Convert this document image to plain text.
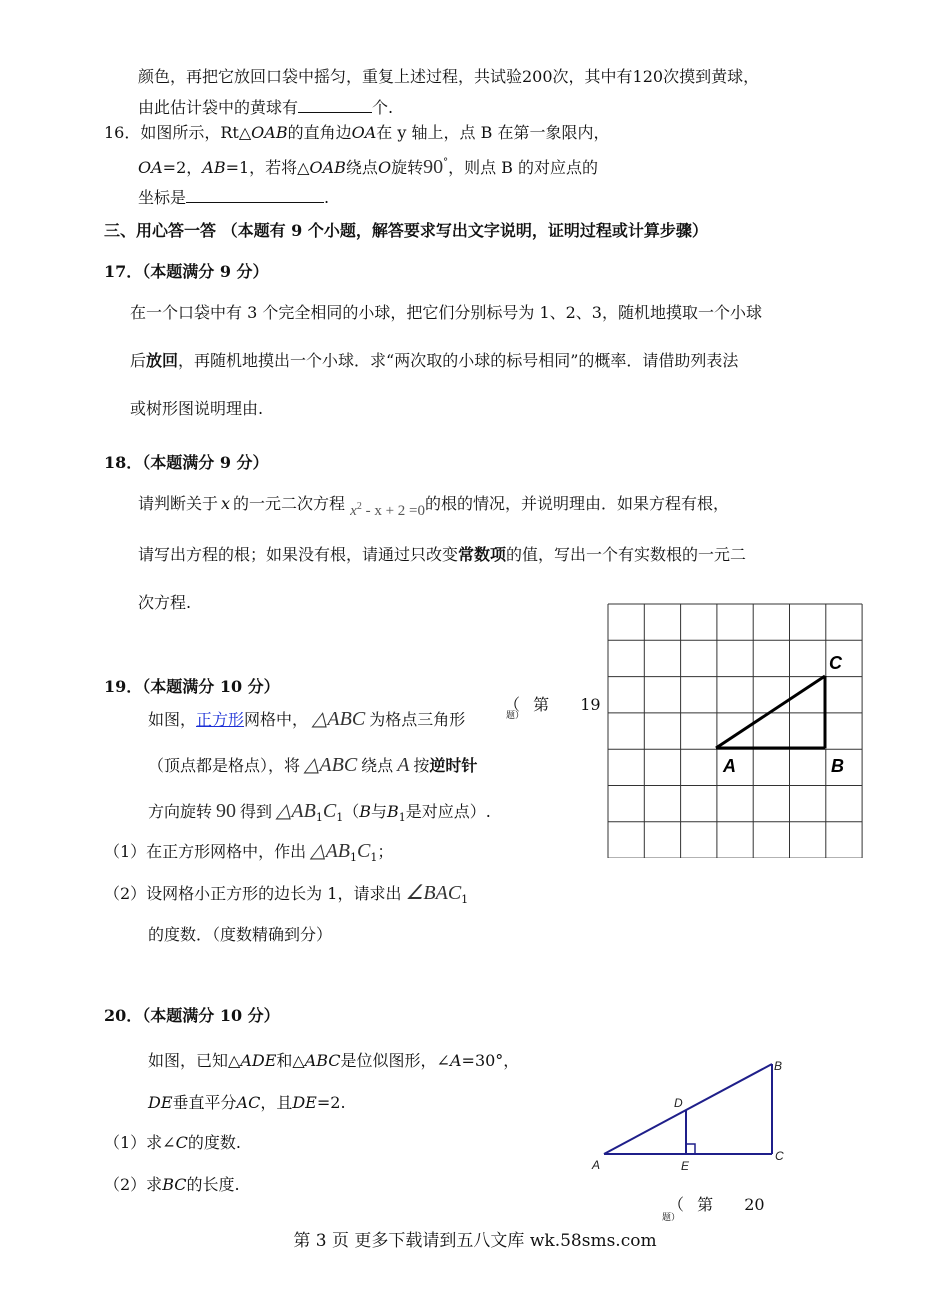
颜色，再把它放回口袋中摇匀，重复上述过程，共试验200次，其中有120次摸到黄球，
由此估计袋中的黄球有	个.
16．如图所示，Rt△OAB的直角边OA在 y 轴上，点 B 在第一象限内，
OA=2，AB=1，若将△OAB绕点O旋转90°，则点 B 的对应点的
坐标是	.
三、用心答一答 （本题有 9 个小题，解答要求写出文字说明，证明过程或计算步骤）
17．（本题满分 9 分）
在一个口袋中有 3 个完全相同的小球，把它们分别标号为 1、2、3，随机地摸取一个小球
后放回，再随机地摸出一个小球．求“两次取的小球的标号相同”的概率．请借助列表法
或树形图说明理由.
18．（本题满分 9 分）
请判断关于 x 的一元二次方程 $x^2 - x + 2 =0$的根的情况，并说明理由．如果方程有根，
请写出方程的根；如果没有根，请通过只改变常数项的值，写出一个有实数根的一元二
次方程.
19．（本题满分 10 分）
如图，正方形网格中， △ABC 为格点三角形
（顶点都是格点），将 △ABC 绕点 A 按逆时针
方向旋转 90 得到 $\triangle AB_1C_1(B$与$B_1$是对应点）.
（1）在正方形网格中，作出 $\triangle AB_1C_1$；
（2）设网格小正方形的边长为 1，请求出 $\angle BAC_1$
的度数．（度数精确到分）
（ 第 19
题）
A	B
C
20．（本题满分 10 分）
如图，已知△ADE和△ABC是位似图形，∠A=30°，
DE垂直平分AC，且DE=2.
（1）求∠C的度数.
（2）求BC的长度.
A
B
C
D
E
（ 第 20
题）
第 3 页 更多下载请到五八文库 wk.58sms.com
